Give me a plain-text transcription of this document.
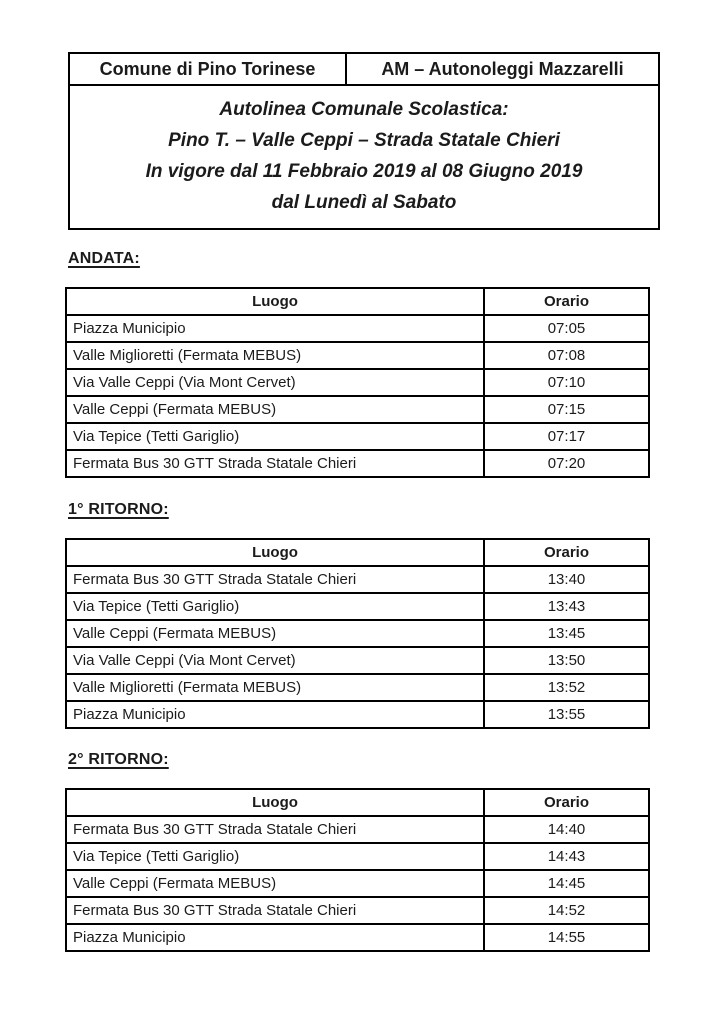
Comune di Pino Torinese	AM – Autonoleggi Mazzarelli
Autolinea Comunale Scolastica:
Pino T. – Valle Ceppi – Strada Statale Chieri
In vigore dal 11 Febbraio 2019 al 08 Giugno 2019
dal Lunedì al Sabato
ANDATA:
Luogo	Orario
Piazza Municipio	07:05
Valle Miglioretti (Fermata MEBUS)	07:08
Via Valle Ceppi (Via Mont Cervet)	07:10
Valle Ceppi (Fermata MEBUS)	07:15
Via Tepice (Tetti Gariglio)	07:17
Fermata Bus 30 GTT Strada Statale Chieri	07:20
1° RITORNO:
Luogo	Orario
Fermata Bus 30 GTT Strada Statale Chieri	13:40
Via Tepice (Tetti Gariglio)	13:43
Valle Ceppi (Fermata MEBUS)	13:45
Via Valle Ceppi (Via Mont Cervet)	13:50
Valle Miglioretti (Fermata MEBUS)	13:52
Piazza Municipio	13:55
2° RITORNO:
Luogo	Orario
Fermata Bus 30 GTT Strada Statale Chieri	14:40
Via Tepice (Tetti Gariglio)	14:43
Valle Ceppi (Fermata MEBUS)	14:45
Fermata Bus 30 GTT Strada Statale Chieri	14:52
Piazza Municipio	14:55
